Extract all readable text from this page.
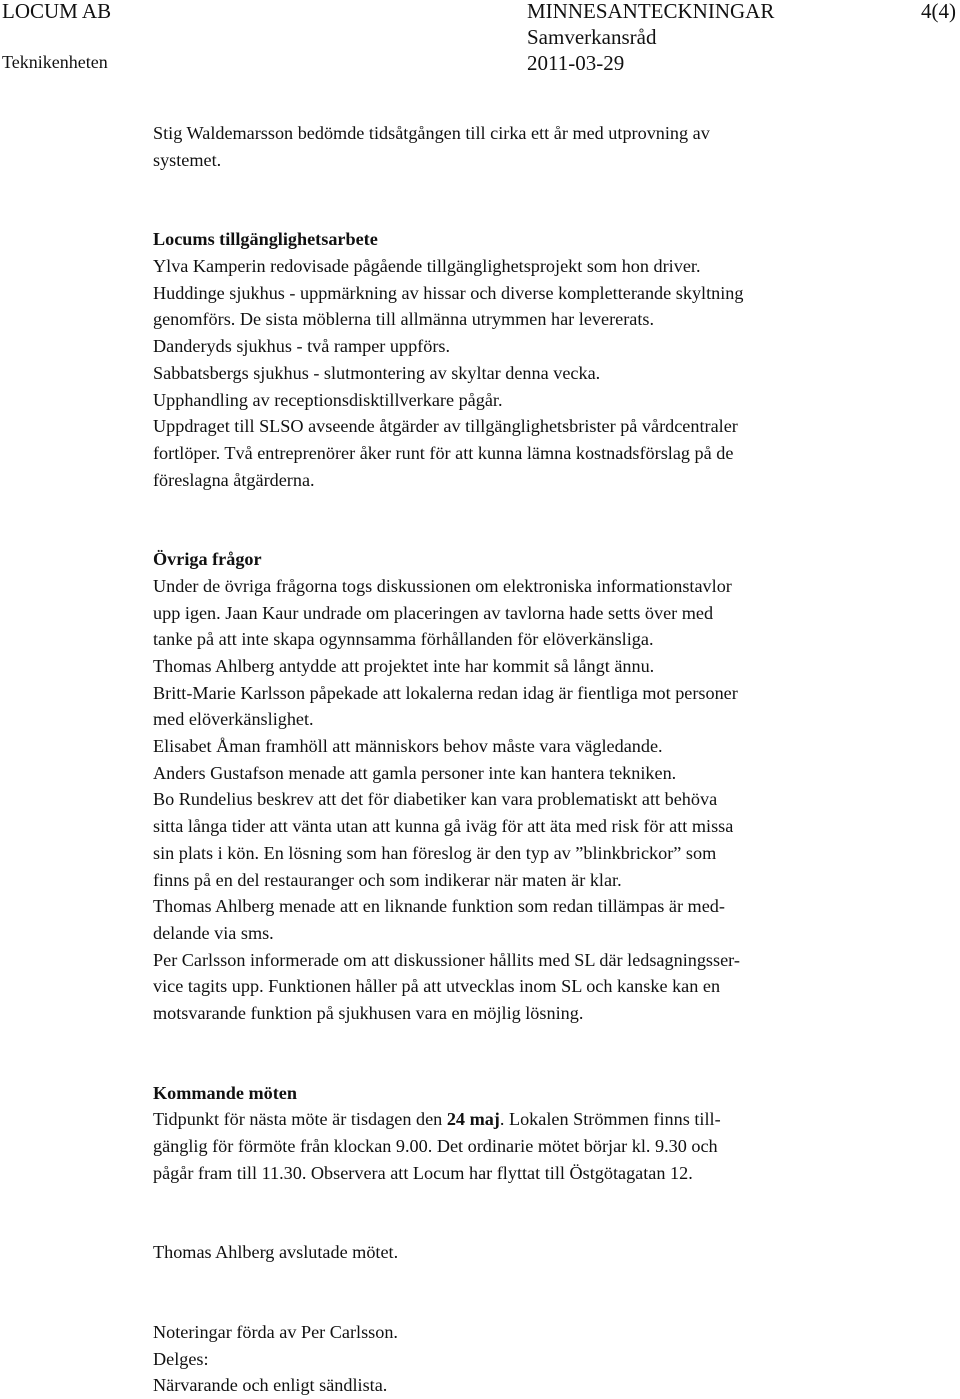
LOCUM AB	MINNESANTECKNINGAR	4(4)
Teknikenheten
Samverkansråd
2011-03-29
Stig Waldemarsson bedömde tidsåtgången till cirka ett år med utprovning av
systemet.
Locums tillgänglighetsarbete
Ylva Kamperin redovisade pågående tillgänglighetsprojekt som hon driver.
Huddinge sjukhus - uppmärkning av hissar och diverse kompletterande skyltning
genomförs. De sista möblerna till allmänna utrymmen har levererats.
Danderyds sjukhus - två ramper uppförs.
Sabbatsbergs sjukhus - slutmontering av skyltar denna vecka.
Upphandling av receptionsdisktillverkare pågår.
Uppdraget till SLSO avseende åtgärder av tillgänglighetsbrister på vårdcentraler
fortlöper. Två entreprenörer åker runt för att kunna lämna kostnadsförslag på de
föreslagna åtgärderna.
Övriga frågor
Under de övriga frågorna togs diskussionen om elektroniska informationstavlor
upp igen. Jaan Kaur undrade om placeringen av tavlorna hade setts över med
tanke på att inte skapa ogynnsamma förhållanden för elöverkänsliga.
Thomas Ahlberg antydde att projektet inte har kommit så långt ännu.
Britt-Marie Karlsson påpekade att lokalerna redan idag är fientliga mot personer
med elöverkänslighet.
Elisabet Åman framhöll att människors behov måste vara vägledande.
Anders Gustafson menade att gamla personer inte kan hantera tekniken.
Bo Rundelius beskrev att det för diabetiker kan vara problematiskt att behöva
sitta långa tider att vänta utan att kunna gå iväg för att äta med risk för att missa
sin plats i kön. En lösning som han föreslog är den typ av ”blinkbrickor” som
finns på en del restauranger och som indikerar när maten är klar.
Thomas Ahlberg menade att en liknande funktion som redan tillämpas är med-
delande via sms.
Per Carlsson informerade om att diskussioner hållits med SL där ledsagningsser-
vice tagits upp. Funktionen håller på att utvecklas inom SL och kanske kan en
motsvarande funktion på sjukhusen vara en möjlig lösning.
Kommande möten
Tidpunkt för nästa möte är tisdagen den 24 maj. Lokalen Strömmen finns till-
gänglig för förmöte från klockan 9.00. Det ordinarie mötet börjar kl. 9.30 och
pågår fram till 11.30. Observera att Locum har flyttat till Östgötagatan 12.
Thomas Ahlberg avslutade mötet.
Noteringar förda av Per Carlsson.
Delges:
Närvarande och enligt sändlista.
